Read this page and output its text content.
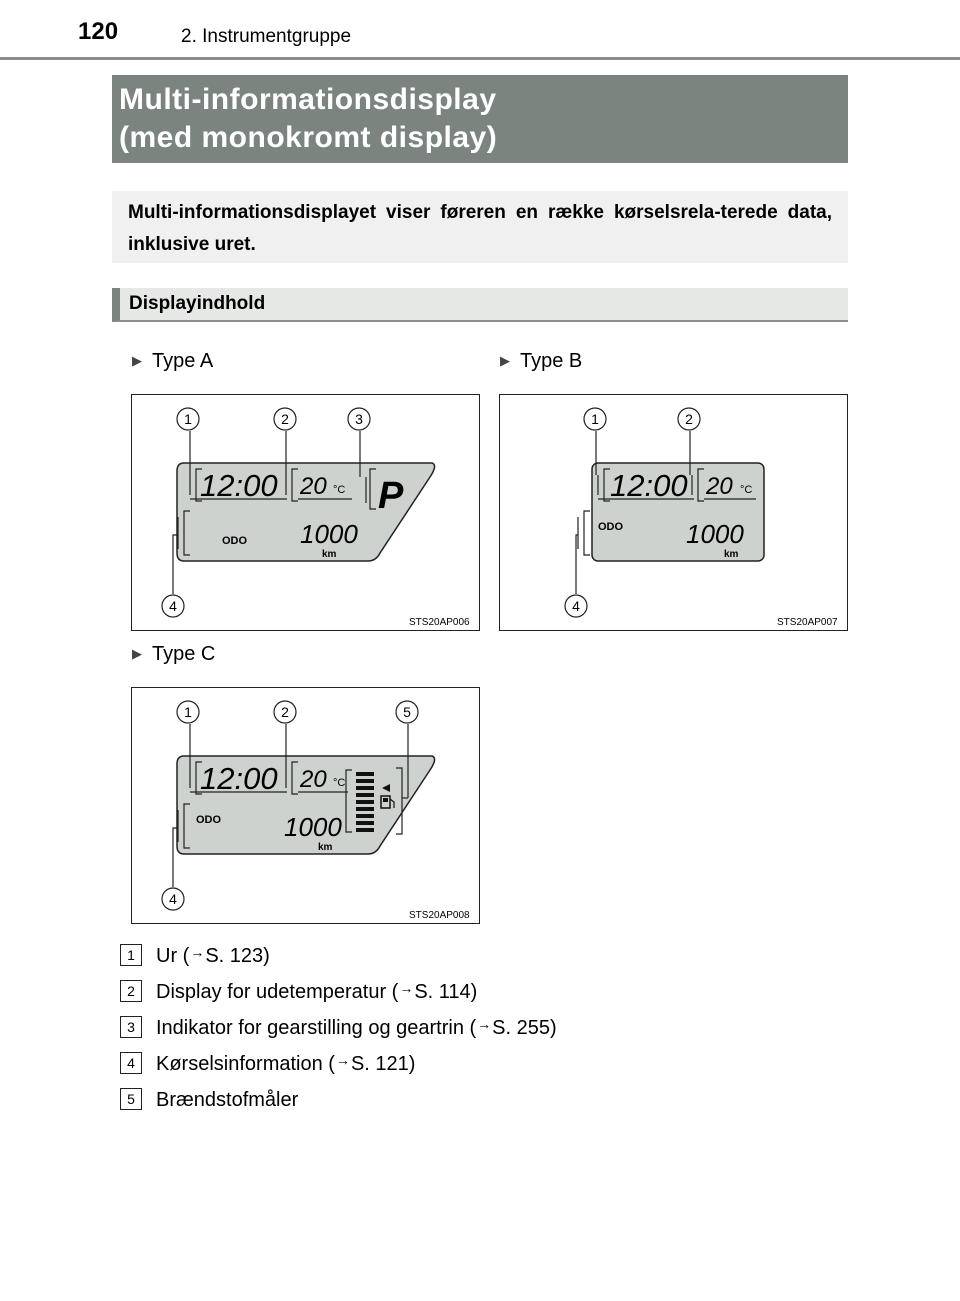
120	2. Instrumentgruppe
Multi-informationsdisplay
(med monokromt display)
Multi-informationsdisplayet viser føreren en række kørselsrela-terede data, inklusive uret.
Displayindhold
▶ Type A	▶ Type B
▶ Type C
12:00 20 °C P
ODO 1000
km
1	2	3
4
STS20AP006
12:00 20 °C
ODO 1000
km
1	2
4
STS20AP007
12:00 20 °C
ODO 1000
km
1	2	5
4
STS20AP008
1 Ur (→S. 123)
2 Display for udetemperatur (→S. 114)
3 Indikator for gearstilling og geartrin (→S. 255)
4 Kørselsinformation (→S. 121)
5 Brændstofmåler
